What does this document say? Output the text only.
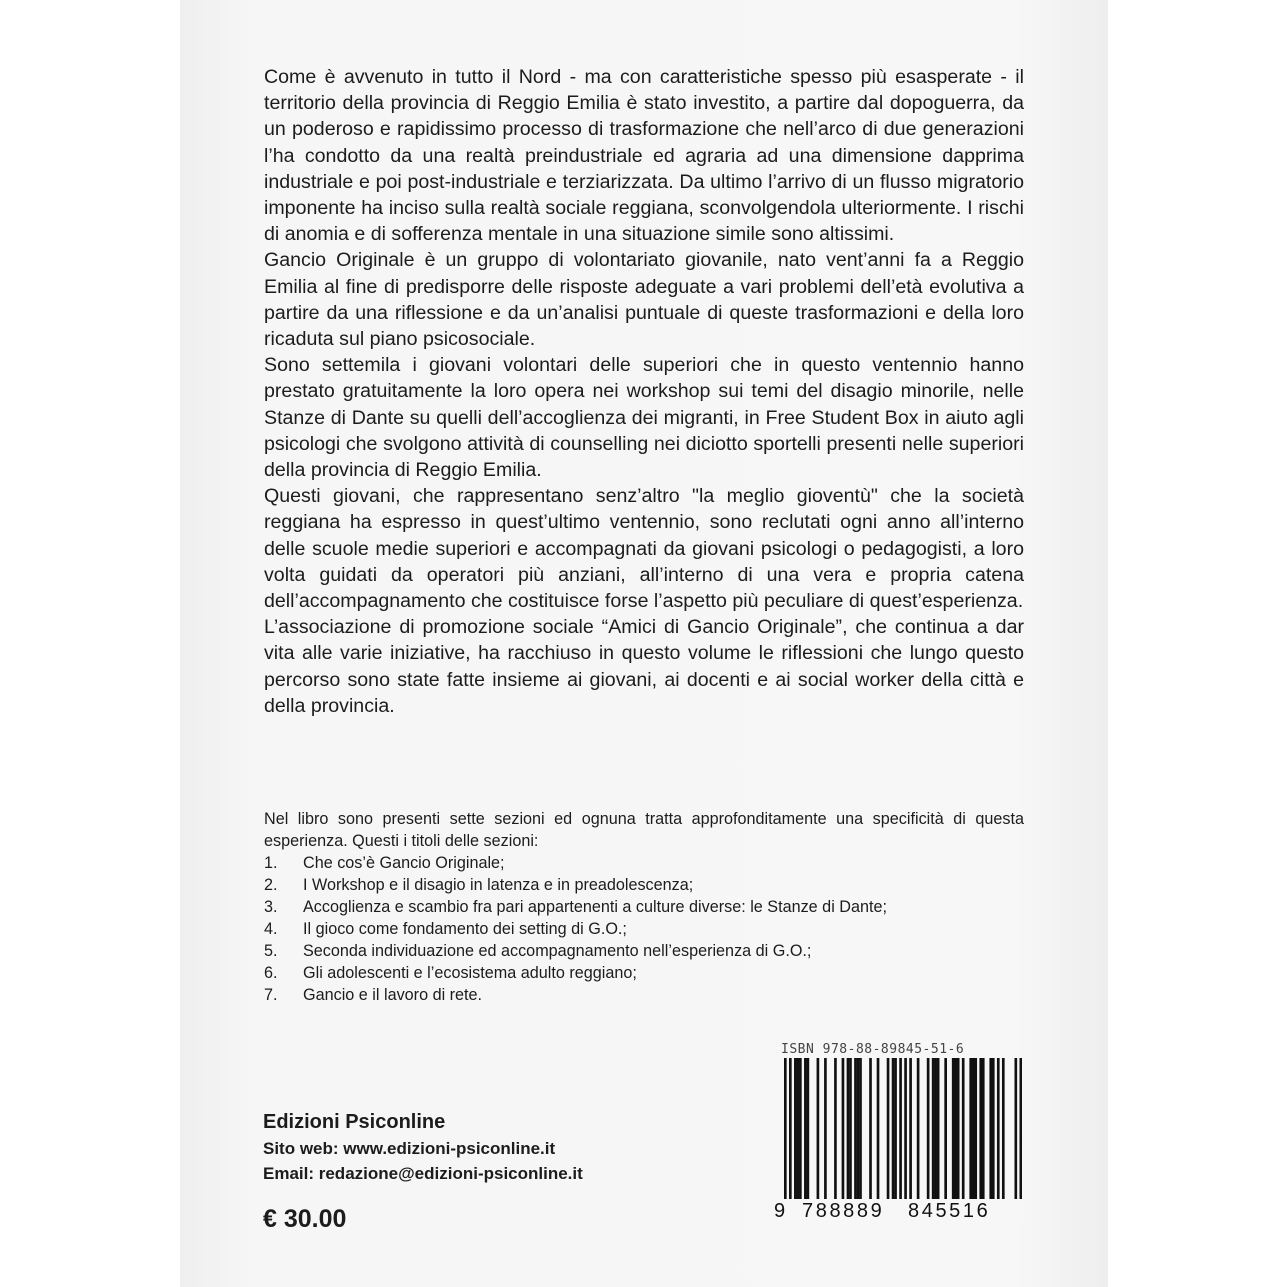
Come è avvenuto in tutto il Nord - ma con caratteristiche spesso più esasperate - il territorio della provincia di Reggio Emilia è stato investito, a partire dal dopoguerra, da un poderoso e rapidissimo processo di trasformazione che nell’arco di due generazioni l’ha condotto da una realtà preindustriale ed agraria ad una dimensione dapprima industriale e poi post-industriale e terziarizzata. Da ultimo l’arrivo di un flusso migratorio imponente ha inciso sulla realtà sociale reggiana, sconvolgendola ulteriormente. I rischi di anomia e di sofferenza mentale in una situazione simile sono altissimi.

Gancio Originale è un gruppo di volontariato giovanile, nato vent’anni fa a Reggio Emilia al fine di predisporre delle risposte adeguate a vari problemi dell’età evolutiva a partire da una riflessione e da un’analisi puntuale di queste trasformazioni e della loro ricaduta sul piano psicosociale.

Sono settemila i giovani volontari delle superiori che in questo ventennio hanno prestato gratuitamente la loro opera nei workshop sui temi del disagio minorile, nelle Stanze di Dante su quelli dell’accoglienza dei migranti, in Free Student Box in aiuto agli psicologi che svolgono attività di counselling nei diciotto sportelli presenti nelle superiori della provincia di Reggio Emilia.

Questi giovani, che rappresentano senz’altro "la meglio gioventù" che la società reggiana ha espresso in quest’ultimo ventennio, sono reclutati ogni anno all’interno delle scuole medie superiori e accompagnati da giovani psicologi o pedagogisti, a loro volta guidati da operatori più anziani, all’interno di una vera e propria catena dell’accompagnamento che costituisce forse l’aspetto più peculiare di quest’esperienza.

L’associazione di promozione sociale “Amici di Gancio Originale”, che continua a dar vita alle varie iniziative, ha racchiuso in questo volume le riflessioni che lungo questo percorso sono state fatte insieme ai giovani, ai docenti e ai social worker della città e della provincia.

Nel libro sono presenti sette sezioni ed ognuna tratta approfonditamente una specificità di questa esperienza. Questi i titoli delle sezioni:

1.	Che cos’è Gancio Originale;
2.	I Workshop e il disagio in latenza e in preadolescenza;
3.	Accoglienza e scambio fra pari appartenenti a culture diverse: le Stanze di Dante;
4.	Il gioco come fondamento dei setting di G.O.;
5.	Seconda individuazione ed accompagnamento nell’esperienza di G.O.;
6.	Gli adolescenti e l’ecosistema adulto reggiano;
7.	Gancio e il lavoro di rete.
ISBN 978-88-89845-51-6
9 788889 845516
Edizioni Psiconline
Sito web: www.edizioni-psiconline.it
Email: redazione@edizioni-psiconline.it
€ 30.00
